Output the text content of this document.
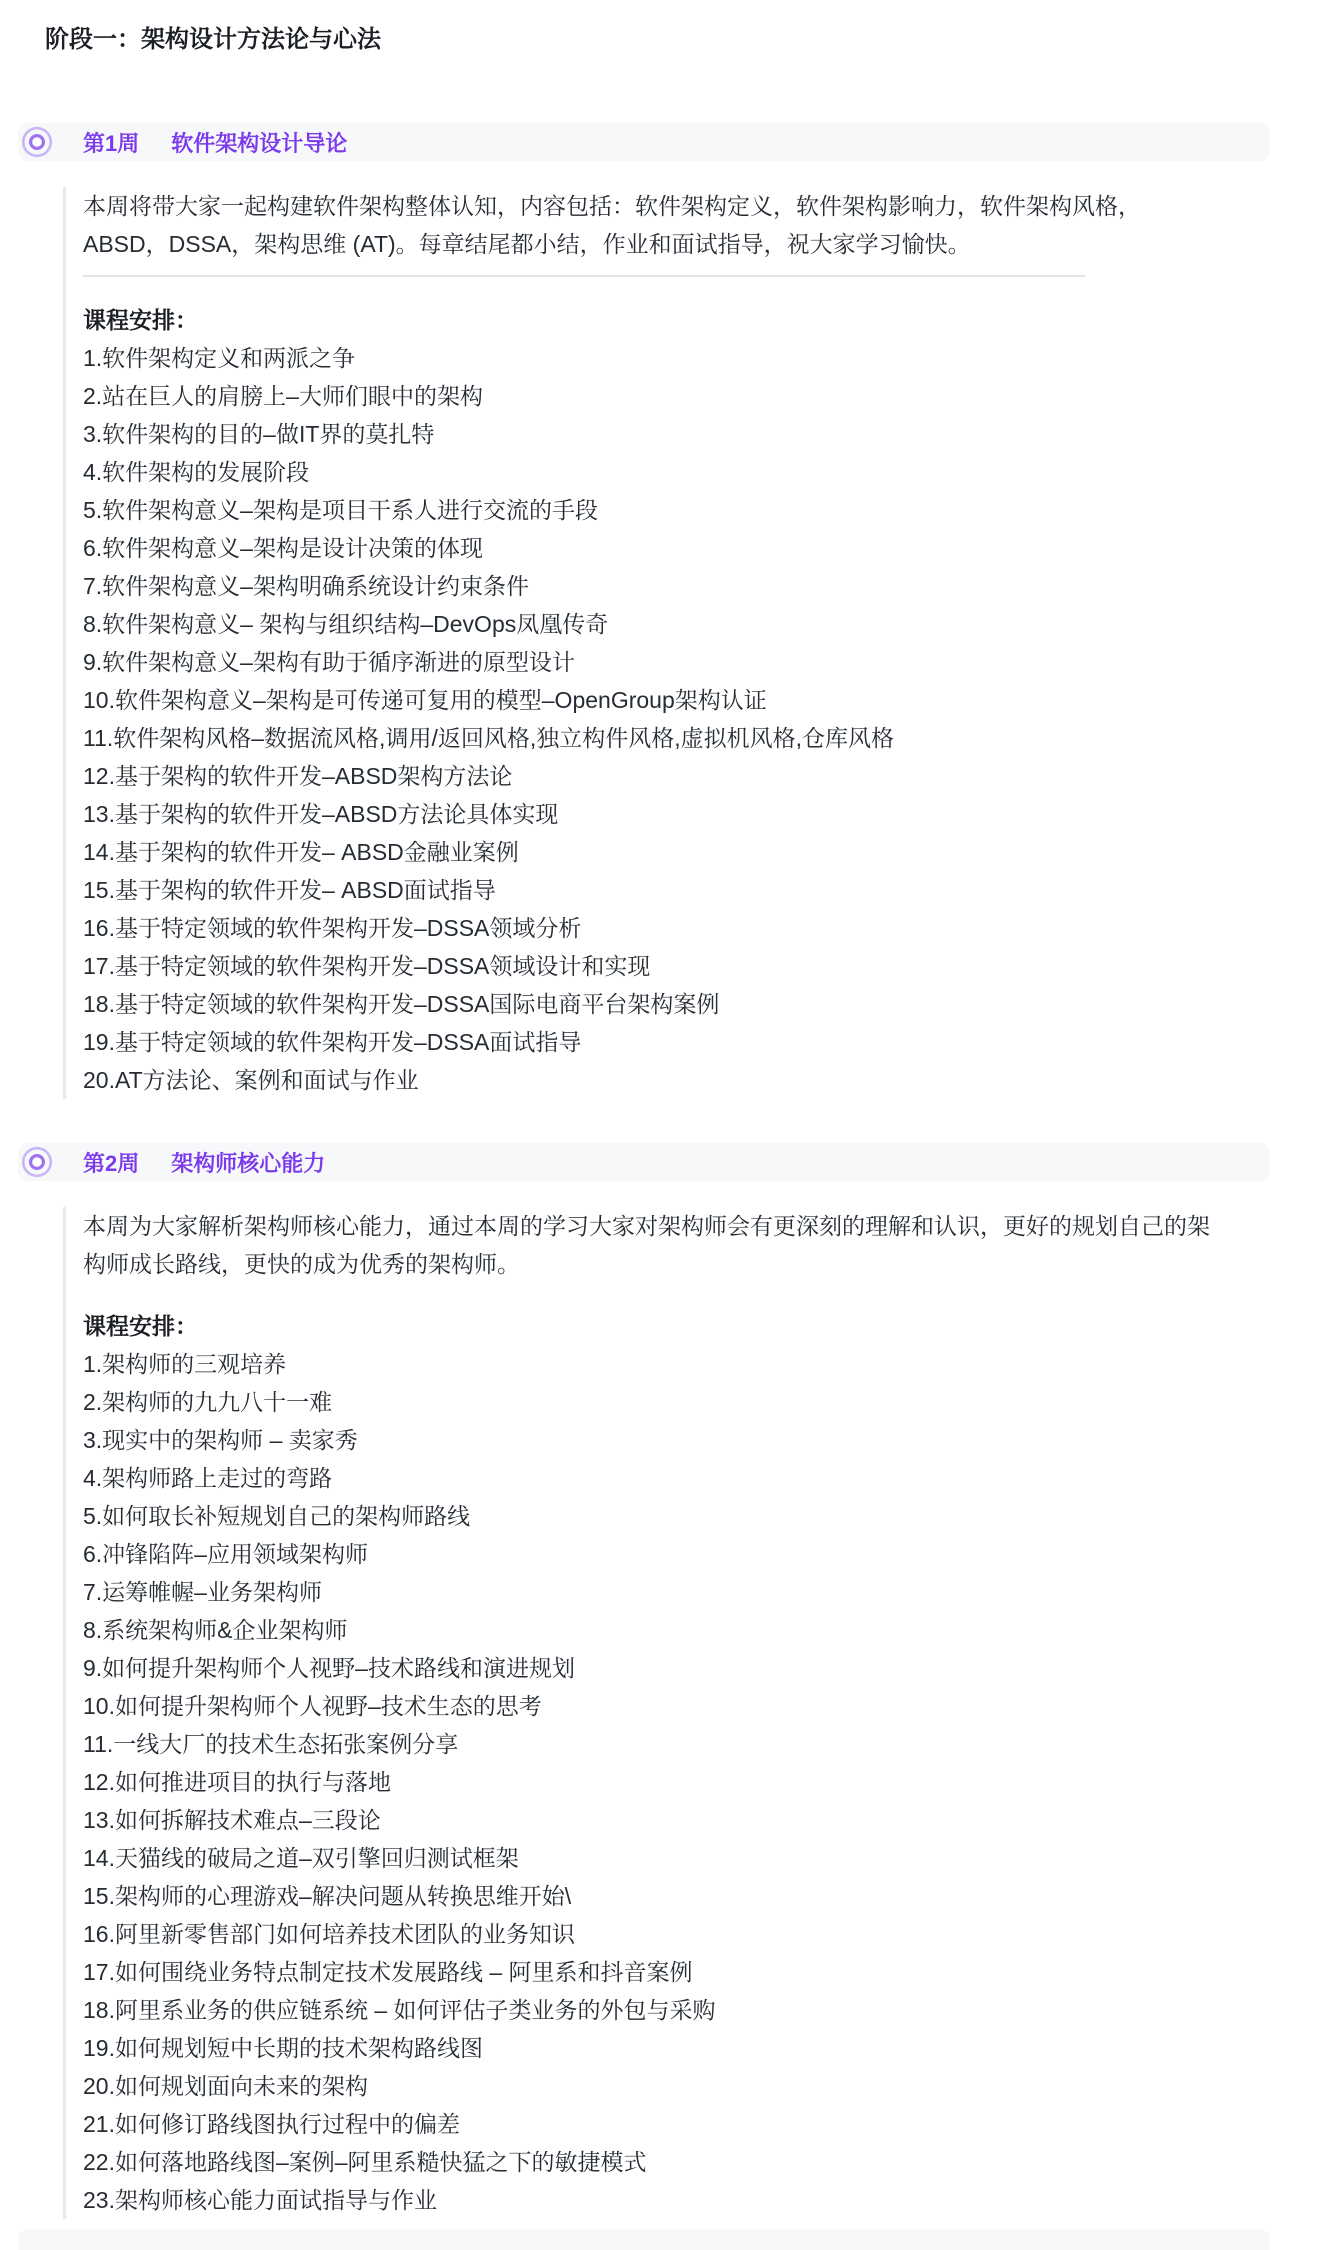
阶段一：架构设计方法论与心法
第1周 软件架构设计导论

本周将带大家一起构建软件架构整体认知，内容包括：软件架构定义，软件架构影响力，软件架构风格，ABSD，DSSA，架构思维 (AT)。每章结尾都小结，作业和面试指导，祝大家学习愉快。

课程安排：

1.软件架构定义和两派之争
2.站在巨人的肩膀上–大师们眼中的架构
3.软件架构的目的–做IT界的莫扎特
4.软件架构的发展阶段
5.软件架构意义–架构是项目干系人进行交流的手段
6.软件架构意义–架构是设计决策的体现
7.软件架构意义–架构明确系统设计约束条件
8.软件架构意义– 架构与组织结构–DevOps凤凰传奇
9.软件架构意义–架构有助于循序渐进的原型设计
10.软件架构意义–架构是可传递可复用的模型–OpenGroup架构认证
11.软件架构风格–数据流风格,调用/返回风格,独立构件风格,虚拟机风格,仓库风格
12.基于架构的软件开发–ABSD架构方法论
13.基于架构的软件开发–ABSD方法论具体实现
14.基于架构的软件开发– ABSD金融业案例
15.基于架构的软件开发– ABSD面试指导
16.基于特定领域的软件架构开发–DSSA领域分析
17.基于特定领域的软件架构开发–DSSA领域设计和实现
18.基于特定领域的软件架构开发–DSSA国际电商平台架构案例
19.基于特定领域的软件架构开发–DSSA面试指导
20.AT方法论、案例和面试与作业
第2周 架构师核心能力

本周为大家解析架构师核心能力，通过本周的学习大家对架构师会有更深刻的理解和认识，更好的规划自己的架构师成长路线，更快的成为优秀的架构师。

课程安排：

1.架构师的三观培养
2.架构师的九九八十一难
3.现实中的架构师 – 卖家秀
4.架构师路上走过的弯路
5.如何取长补短规划自己的架构师路线
6.冲锋陷阵–应用领域架构师
7.运筹帷幄–业务架构师
8.系统架构师&企业架构师
9.如何提升架构师个人视野–技术路线和演进规划
10.如何提升架构师个人视野–技术生态的思考
11.一线大厂的技术生态拓张案例分享
12.如何推进项目的执行与落地
13.如何拆解技术难点–三段论
14.天猫线的破局之道–双引擎回归测试框架
15.架构师的心理游戏–解决问题从转换思维开始\
16.阿里新零售部门如何培养技术团队的业务知识
17.如何围绕业务特点制定技术发展路线 – 阿里系和抖音案例
18.阿里系业务的供应链系统 – 如何评估子类业务的外包与采购
19.如何规划短中长期的技术架构路线图
20.如何规划面向未来的架构
21.如何修订路线图执行过程中的偏差
22.如何落地路线图–案例–阿里系糙快猛之下的敏捷模式
23.架构师核心能力面试指导与作业
